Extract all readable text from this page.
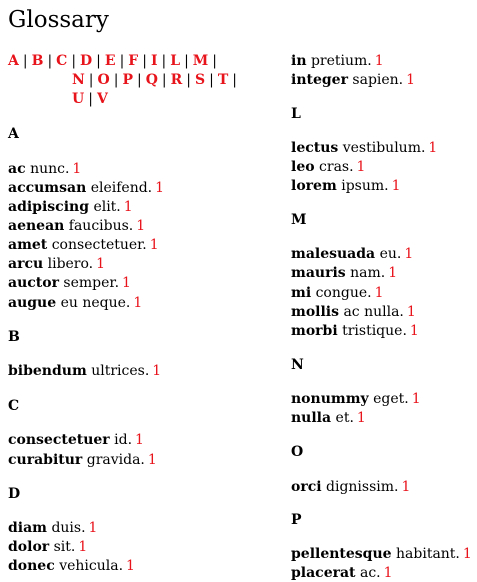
Glossary
A | B | C | D | E | F | I | L | M |
N | O | P | Q | R | S | T |
U | V
A
ac nunc. 1
accumsan eleifend. 1
adipiscing elit. 1
aenean faucibus. 1
amet consectetuer. 1
arcu libero. 1
auctor semper. 1
augue eu neque. 1
B
bibendum ultrices. 1
C
consectetuer id. 1
curabitur gravida. 1
D
diam duis. 1
dolor sit. 1
donec vehicula. 1
in pretium. 1
integer sapien. 1
L
lectus vestibulum. 1
leo cras. 1
lorem ipsum. 1
M
malesuada eu. 1
mauris nam. 1
mi congue. 1
mollis ac nulla. 1
morbi tristique. 1
N
nonummy eget. 1
nulla et. 1
O
orci dignissim. 1
P
pellentesque habitant. 1
placerat ac. 1
